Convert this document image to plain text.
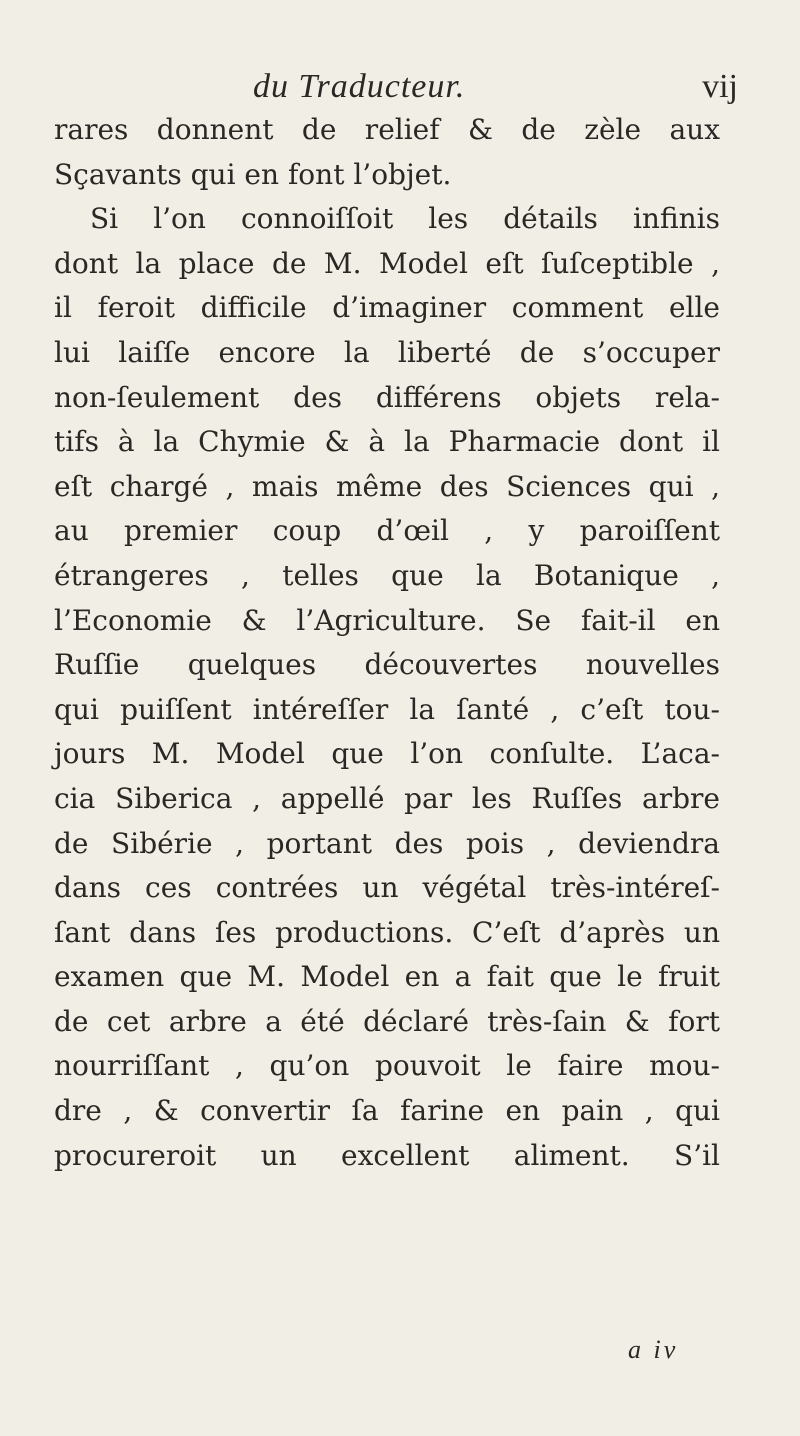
du Traducteur.	vij
rares donnent de relief & de zèle aux
Sçavants qui en font l’objet.
Si l’on connoiſſoit les détails infinis
dont la place de M. Model eſt ſuſceptible ,
il feroit difficile d’imaginer comment elle
lui laiſſe encore la liberté de s’occuper
non-ſeulement des différens objets rela-
tifs à la Chymie & à la Pharmacie dont il
eſt chargé , mais même des Sciences qui ,
au premier coup d’œil , y paroiſſent
étrangeres , telles que la Botanique ,
l’Economie & l’Agriculture. Se fait-il en
Ruſſie quelques découvertes nouvelles
qui puiſſent intéreſſer la ſanté , c’eſt tou-
jours M. Model que l’on conſulte. L’aca-
cia Siberica , appellé par les Ruſſes arbre
de Sibérie , portant des pois , deviendra
dans ces contrées un végétal très-intéreſ-
ſant dans ſes productions. C’eſt d’après un
examen que M. Model en a fait que le fruit
de cet arbre a été déclaré très-ſain & fort
nourriſſant , qu’on pouvoit le faire mou-
dre , & convertir ſa farine en pain , qui
procureroit un excellent aliment. S’il
a iv
